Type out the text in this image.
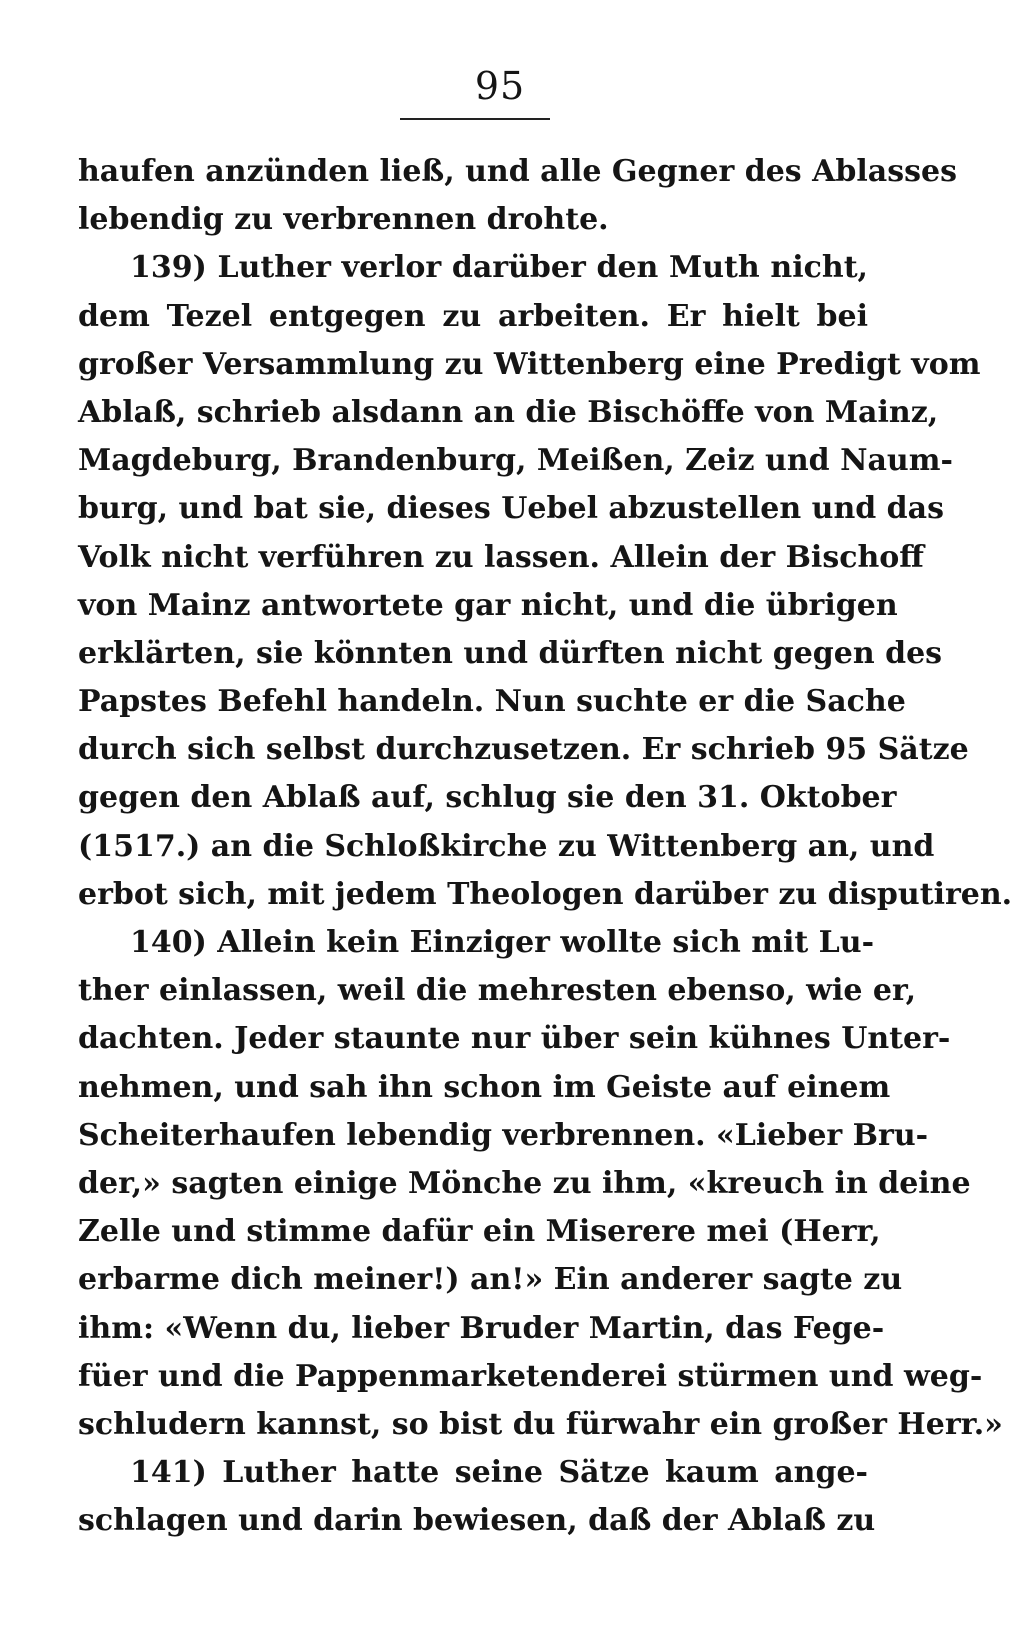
95
haufen anzünden ließ, und alle Gegner des Ablasses
lebendig zu verbrennen drohte.
139) Luther verlor darüber den Muth nicht,
dem Tezel entgegen zu arbeiten. Er hielt bei
großer Versammlung zu Wittenberg eine Predigt vom
Ablaß, schrieb alsdann an die Bischöffe von Mainz,
Magdeburg, Brandenburg, Meißen, Zeiz und Naum-
burg, und bat sie, dieses Uebel abzustellen und das
Volk nicht verführen zu lassen. Allein der Bischoff
von Mainz antwortete gar nicht, und die übrigen
erklärten, sie könnten und dürften nicht gegen des
Papstes Befehl handeln. Nun suchte er die Sache
durch sich selbst durchzusetzen. Er schrieb 95 Sätze
gegen den Ablaß auf, schlug sie den 31. Oktober
(1517.) an die Schloßkirche zu Wittenberg an, und
erbot sich, mit jedem Theologen darüber zu disputiren.
140) Allein kein Einziger wollte sich mit Lu-
ther einlassen, weil die mehresten ebenso, wie er,
dachten. Jeder staunte nur über sein kühnes Unter-
nehmen, und sah ihn schon im Geiste auf einem
Scheiterhaufen lebendig verbrennen. «Lieber Bru-
der,» sagten einige Mönche zu ihm, «kreuch in deine
Zelle und stimme dafür ein Miserere mei (Herr,
erbarme dich meiner!) an!» Ein anderer sagte zu
ihm: «Wenn du, lieber Bruder Martin, das Fege-
füer und die Pappenmarketenderei stürmen und weg-
schludern kannst, so bist du fürwahr ein großer Herr.»
141) Luther hatte seine Sätze kaum ange-
schlagen und darin bewiesen, daß der Ablaß zu
